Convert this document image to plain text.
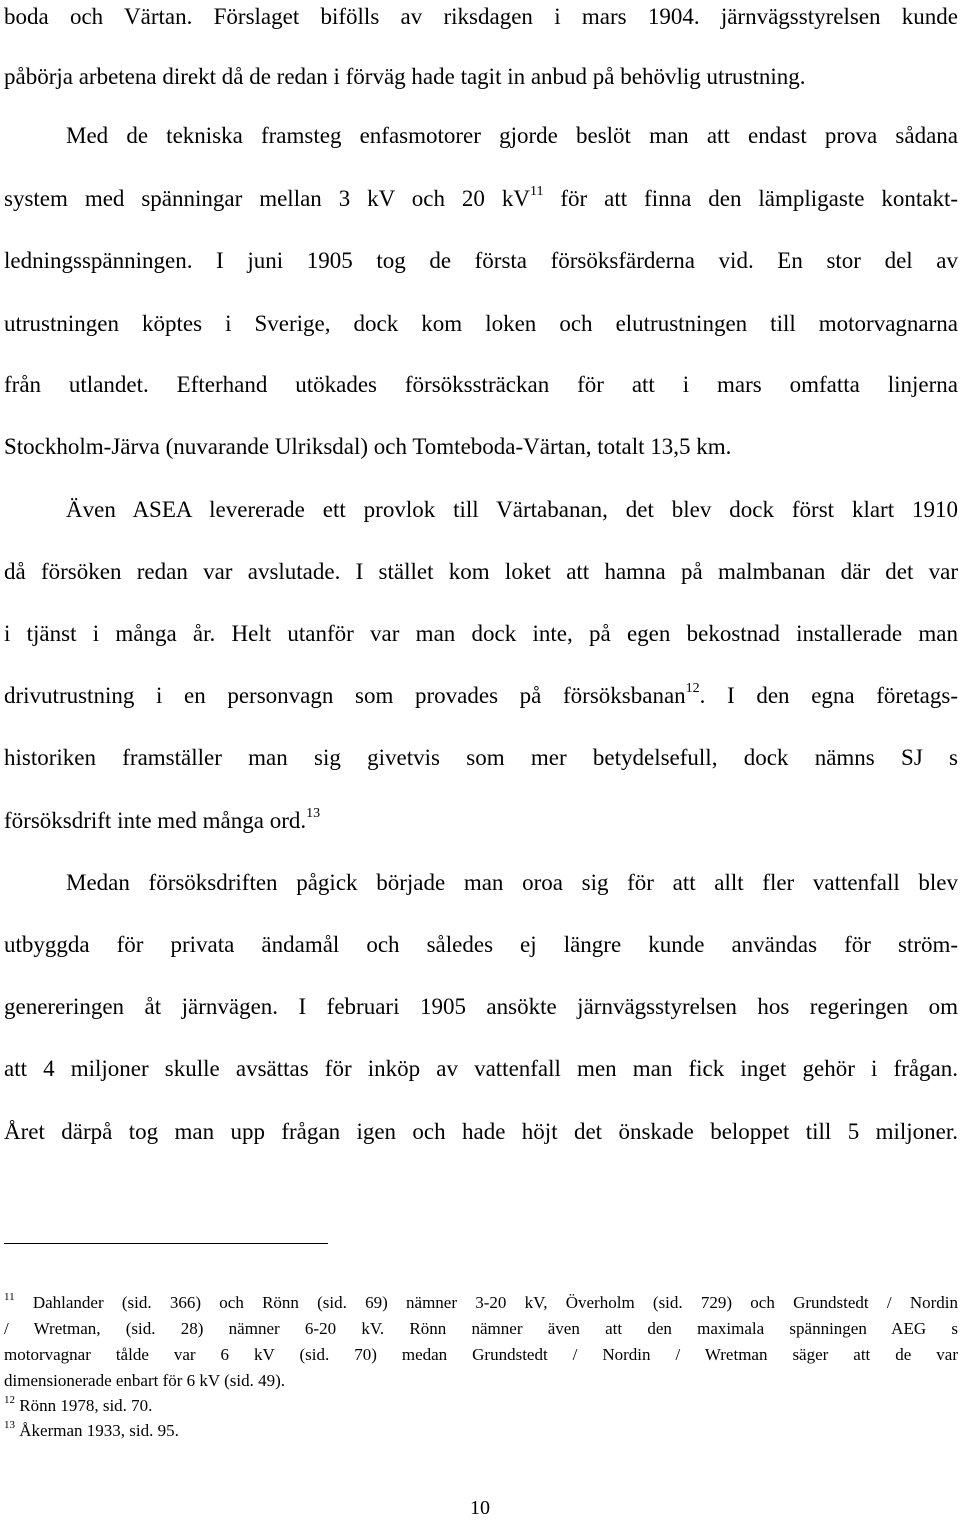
boda och Värtan. Förslaget bifölls av riksdagen i mars 1904. järnvägsstyrelsen kunde
påbörja arbetena direkt då de redan i förväg hade tagit in anbud på behövlig utrustning.
Med de tekniska framsteg enfasmotorer gjorde beslöt man att endast prova sådana
system med spänningar mellan 3 kV och 20 $kV^{11}$ för att finna den lämpligaste kontakt-
ledningsspänningen. I juni 1905 tog de första försöksfärderna vid. En stor del av
utrustningen köptes i Sverige, dock kom loken och elutrustningen till motorvagnarna
från utlandet. Efterhand utökades försökssträckan för att i mars omfatta linjerna
Stockholm-Järva (nuvarande Ulriksdal) och Tomteboda-Värtan, totalt 13,5 km.
Även ASEA levererade ett provlok till Värtabanan, det blev dock först klart 1910
då försöken redan var avslutade. I stället kom loket att hamna på malmbanan där det var
i tjänst i många år. Helt utanför var man dock inte, på egen bekostnad installerade man
drivutrustning i en personvagn som provades på försöksbanan$^{12}$. I den egna företags-
historiken framställer man sig givetvis som mer betydelsefull, dock nämns SJ s
försöksdrift inte med många ord.$^{13}$
Medan försöksdriften pågick började man oroa sig för att allt fler vattenfall blev
utbyggda för privata ändamål och således ej längre kunde användas för ström-
genereringen åt järnvägen. I februari 1905 ansökte järnvägsstyrelsen hos regeringen om
att 4 miljoner skulle avsättas för inköp av vattenfall men man fick inget gehör i frågan.
Året därpå tog man upp frågan igen och hade höjt det önskade beloppet till 5 miljoner.
$^{11}$ Dahlander (sid. 366) och Rönn (sid. 69) nämner 3-20 kV, Överholm (sid. 729) och Grundstedt / Nordin
/ Wretman, (sid. 28) nämner 6-20 kV. Rönn nämner även att den maximala spänningen AEG s
motorvagnar tålde var 6 kV (sid. 70) medan Grundstedt / Nordin / Wretman säger att de var
dimensionerade enbart för 6 kV (sid. 49).
$^{12}$ Rönn 1978, sid. 70.
$^{13}$ Åkerman 1933, sid. 95.
10
